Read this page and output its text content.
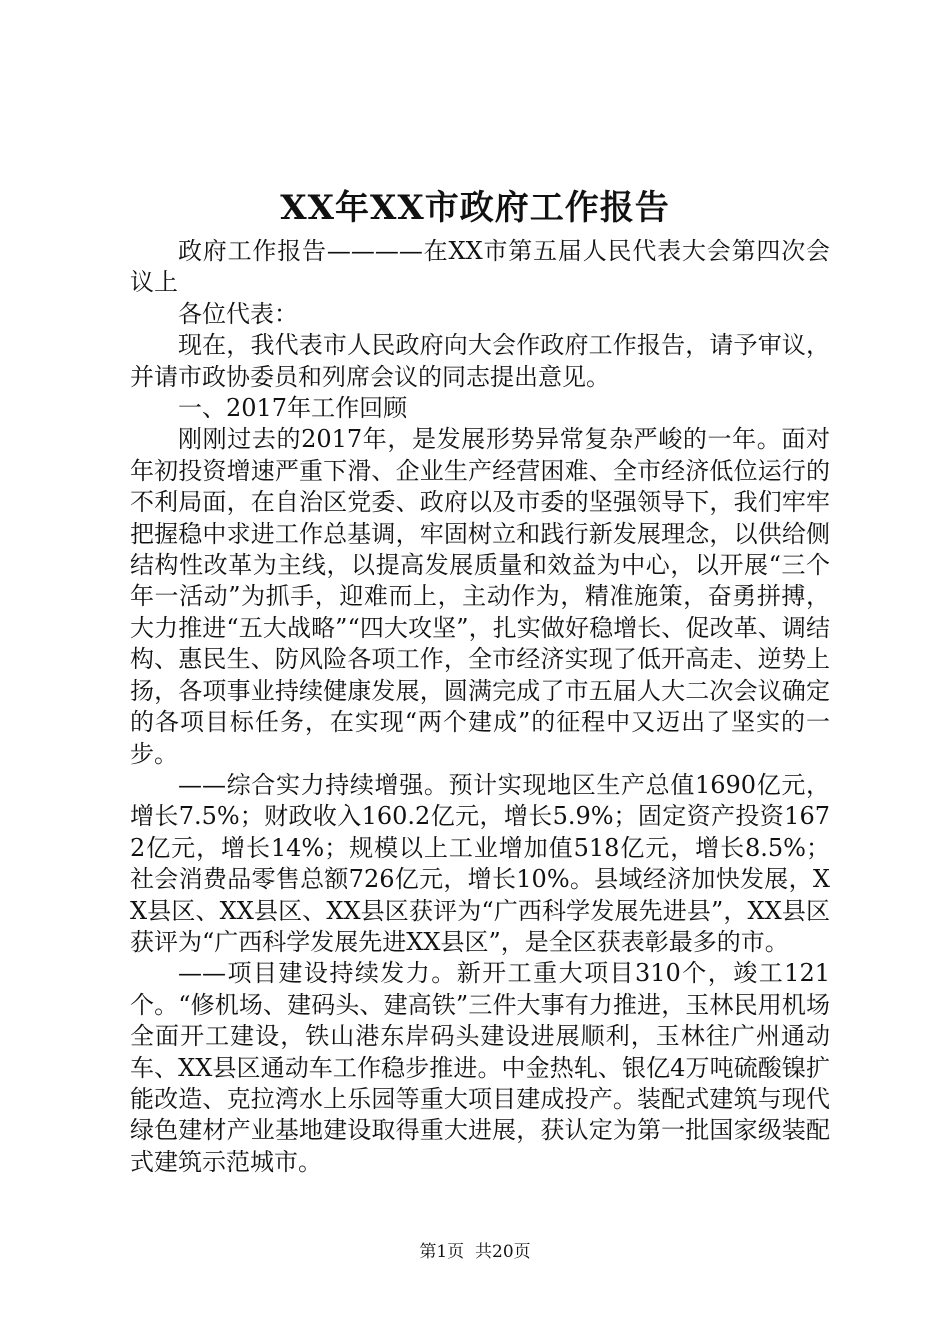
XX年XX市政府工作报告

政府工作报告————在XX市第五届人民代表大会第四次会议上

各位代表：

现在，我代表市人民政府向大会作政府工作报告，请予审议，并请市政协委员和列席会议的同志提出意见。

一、2017年工作回顾

刚刚过去的2017年，是发展形势异常复杂严峻的一年。面对年初投资增速严重下滑、企业生产经营困难、全市经济低位运行的不利局面，在自治区党委、政府以及市委的坚强领导下，我们牢牢把握稳中求进工作总基调，牢固树立和践行新发展理念，以供给侧结构性改革为主线，以提高发展质量和效益为中心，以开展“三个年一活动”为抓手，迎难而上，主动作为，精准施策，奋勇拼搏，大力推进“五大战略”“四大攻坚”，扎实做好稳增长、促改革、调结构、惠民生、防风险各项工作，全市经济实现了低开高走、逆势上扬，各项事业持续健康发展，圆满完成了市五届人大二次会议确定的各项目标任务，在实现“两个建成”的征程中又迈出了坚实的一步。

——综合实力持续增强。预计实现地区生产总值1690亿元，增长7.5%；财政收入160.2亿元，增长5.9%；固定资产投资1672亿元，增长14%；规模以上工业增加值518亿元，增长8.5%；社会消费品零售总额726亿元，增长10%。县域经济加快发展，XX县区、XX县区、XX县区获评为“广西科学发展先进县”，XX县区获评为“广西科学发展先进XX县区”，是全区获表彰最多的市。

——项目建设持续发力。新开工重大项目310个，竣工121个。“修机场、建码头、建高铁”三件大事有力推进，玉林民用机场全面开工建设，铁山港东岸码头建设进展顺利，玉林往广州通动车、XX县区通动车工作稳步推进。中金热轧、银亿4万吨硫酸镍扩能改造、克拉湾水上乐园等重大项目建成投产。装配式建筑与现代绿色建材产业基地建设取得重大进展，获认定为第一批国家级装配式建筑示范城市。

第1页 共20页
